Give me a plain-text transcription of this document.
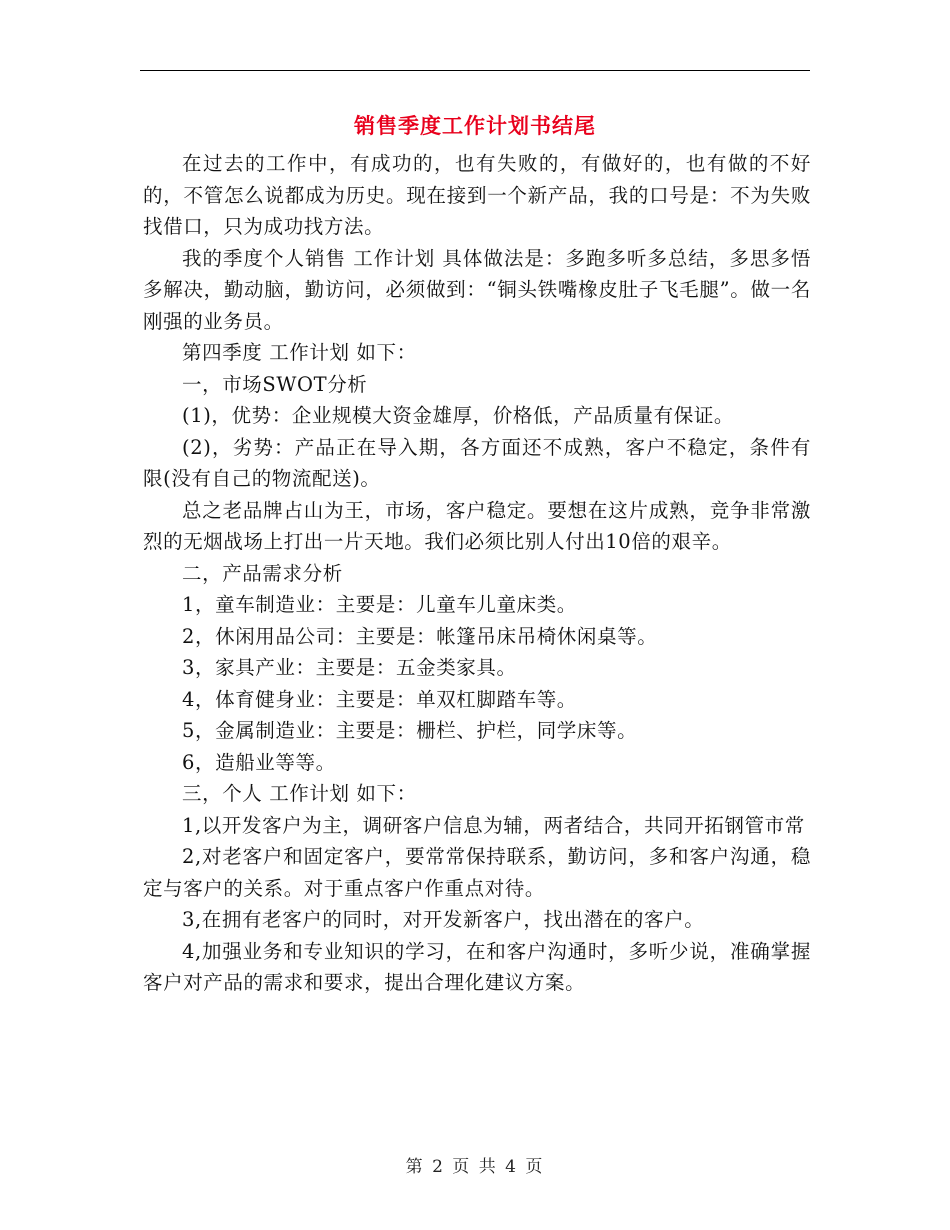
销售季度工作计划书结尾

在过去的工作中，有成功的，也有失败的，有做好的，也有做的不好的，不管怎么说都成为历史。现在接到一个新产品，我的口号是：不为失败找借口，只为成功找方法。

我的季度个人销售 工作计划 具体做法是：多跑多听多总结，多思多悟多解决，勤动脑，勤访问，必须做到：“铜头铁嘴橡皮肚子飞毛腿”。做一名刚强的业务员。

第四季度 工作计划 如下：

一，市场SWOT分析

(1)，优势：企业规模大资金雄厚，价格低，产品质量有保证。

(2)，劣势：产品正在导入期，各方面还不成熟，客户不稳定，条件有限(没有自己的物流配送)。

总之老品牌占山为王，市场，客户稳定。要想在这片成熟，竞争非常激烈的无烟战场上打出一片天地。我们必须比别人付出10倍的艰辛。

二，产品需求分析

1，童车制造业：主要是：儿童车儿童床类。

2，休闲用品公司：主要是：帐篷吊床吊椅休闲桌等。

3，家具产业：主要是：五金类家具。

4，体育健身业：主要是：单双杠脚踏车等。

5，金属制造业：主要是：栅栏、护栏，同学床等。

6，造船业等等。

三，个人 工作计划 如下：

1,以开发客户为主，调研客户信息为辅，两者结合，共同开拓钢管市常

2,对老客户和固定客户，要常常保持联系，勤访问，多和客户沟通，稳定与客户的关系。对于重点客户作重点对待。

3,在拥有老客户的同时，对开发新客户，找出潜在的客户。

4,加强业务和专业知识的学习，在和客户沟通时，多听少说，准确掌握客户对产品的需求和要求，提出合理化建议方案。

第 2 页 共 4 页
